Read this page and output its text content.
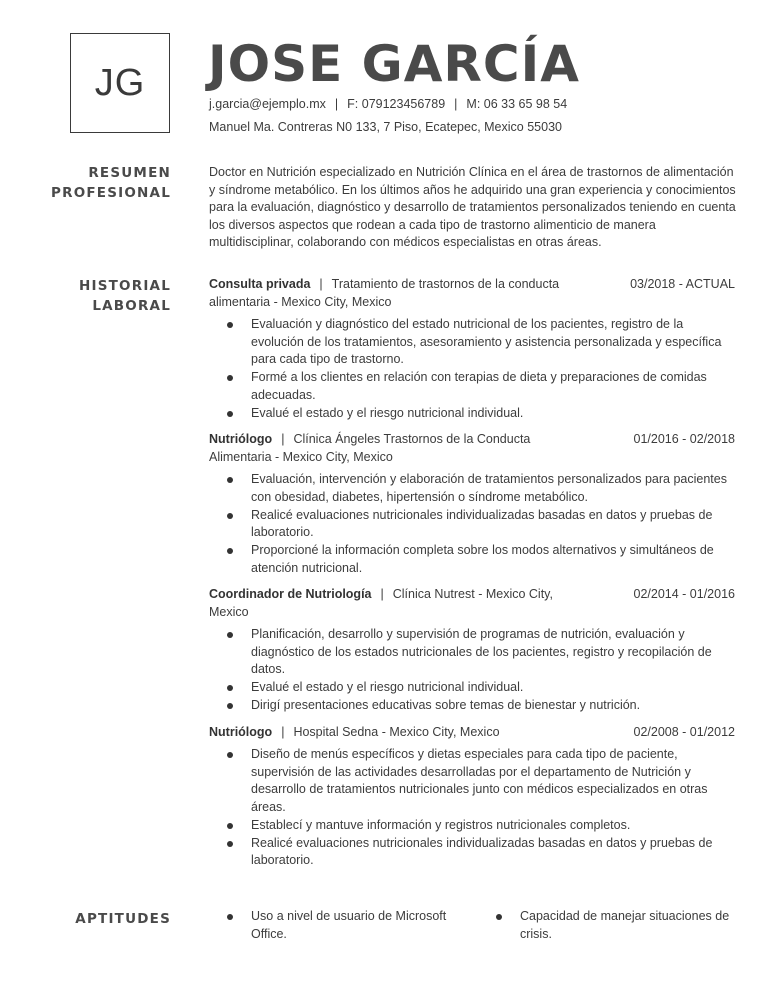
JG JOSE GARCÍA
j.garcia@ejemplo.mx | F: 079123456789 | M: 06 33 65 98 54
Manuel Ma. Contreras N0 133, 7 Piso, Ecatepec, Mexico 55030
RESUMEN
PROFESIONAL

Doctor en Nutrición especializado en Nutrición Clínica en el área de trastornos de alimentación y síndrome metabólico. En los últimos años he adquirido una gran experiencia y conocimientos para la evaluación, diagnóstico y desarrollo de tratamientos personalizados teniendo en cuenta los diversos aspectos que rodean a cada tipo de trastorno alimenticio de manera multidisciplinar, colaborando con médicos especialistas en otras áreas.

HISTORIAL
LABORAL
Consulta privada | Tratamiento de trastornos de la conducta alimentaria - Mexico City, Mexico
03/2018 - ACTUAL
Evaluación y diagnóstico del estado nutricional de los pacientes, registro de la evolución de los tratamientos, asesoramiento y asistencia personalizada y específica para cada tipo de trastorno.
Formé a los clientes en relación con terapias de dieta y preparaciones de comidas adecuadas.
Evalué el estado y el riesgo nutricional individual.
Nutriólogo | Clínica Ángeles Trastornos de la Conducta Alimentaria - Mexico City, Mexico
01/2016 - 02/2018
Evaluación, intervención y elaboración de tratamientos personalizados para pacientes con obesidad, diabetes, hipertensión o síndrome metabólico.
Realicé evaluaciones nutricionales individualizadas basadas en datos y pruebas de laboratorio.
Proporcioné la información completa sobre los modos alternativos y simultáneos de atención nutricional.
Coordinador de Nutriología | Clínica Nutrest - Mexico City, Mexico
02/2014 - 01/2016
Planificación, desarrollo y supervisión de programas de nutrición, evaluación y diagnóstico de los estados nutricionales de los pacientes, registro y recopilación de datos.
Evalué el estado y el riesgo nutricional individual.
Dirigí presentaciones educativas sobre temas de bienestar y nutrición.
Nutriólogo | Hospital Sedna - Mexico City, Mexico	02/2008 - 01/2012
Diseño de menús específicos y dietas especiales para cada tipo de paciente, supervisión de las actividades desarrolladas por el departamento de Nutrición y desarrollo de tratamientos nutricionales junto con médicos especializados en otras áreas.
Establecí y mantuve información y registros nutricionales completos.
Realicé evaluaciones nutricionales individualizadas basadas en datos y pruebas de laboratorio.
APTITUDES	Uso a nivel de usuario de Microsoft Office.
Capacidad de manejar situaciones de crisis.
